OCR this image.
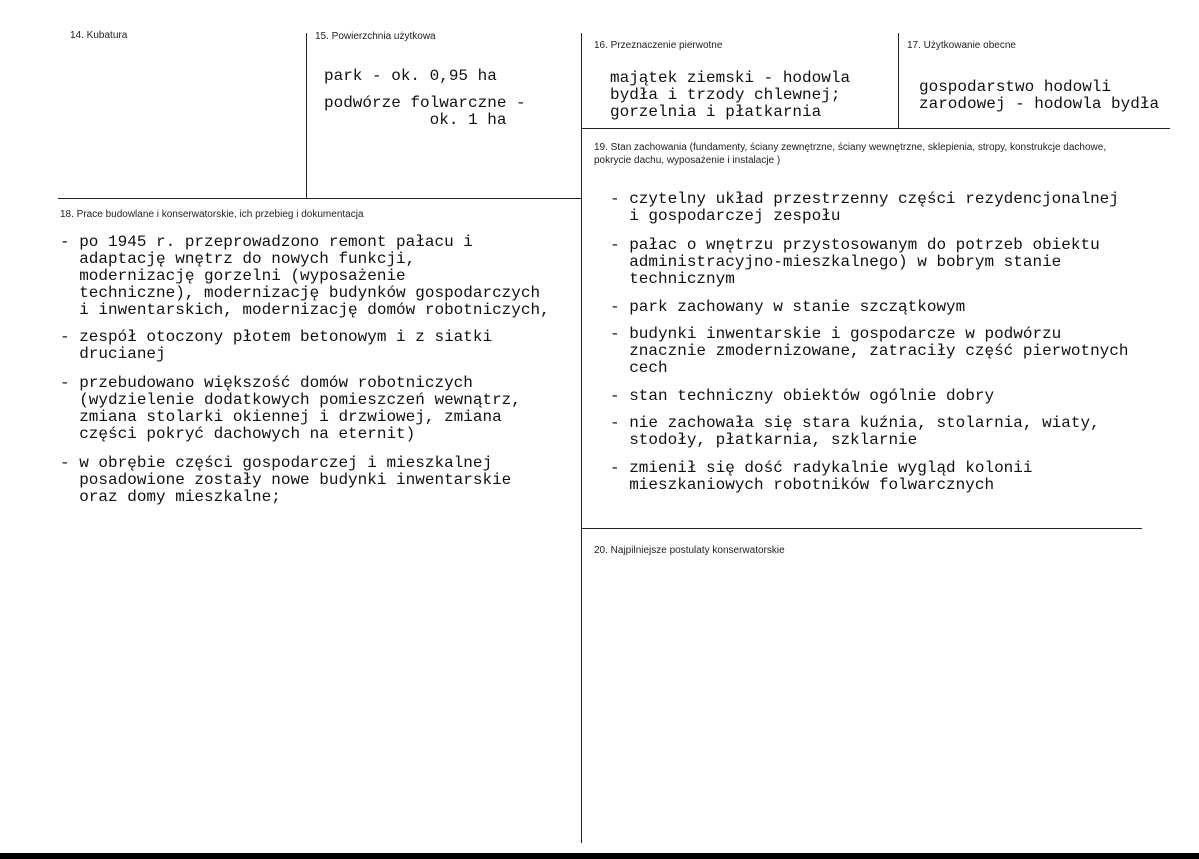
14. Kubatura	15. Powierzchnia użytkowa
park - ok. 0,95 ha
podwórze folwarczne -
ok. 1 ha
16. Przeznaczenie pierwotne
majątek ziemski - hodowla
bydła i trzody chlewnej;
gorzelnia i płatkarnia
17. Użytkowanie obecne
gospodarstwo hodowli
zarodowej - hodowla bydła
18. Prace budowlane i konserwatorskie, ich przebieg i dokumentacja
- po 1945 r. przeprowadzono remont pałacu i
adaptację wnętrz do nowych funkcji,
modernizację gorzelni (wyposażenie
techniczne), modernizację budynków gospodarczych
i inwentarskich, modernizację domów robotniczych,
- zespół otoczony płotem betonowym i z siatki
drucianej
- przebudowano większość domów robotniczych
(wydzielenie dodatkowych pomieszczeń wewnątrz,
zmiana stolarki okiennej i drzwiowej, zmiana
części pokryć dachowych na eternit)
- w obrębie części gospodarczej i mieszkalnej
posadowione zostały nowe budynki inwentarskie
oraz domy mieszkalne;
19. Stan zachowania (fundamenty, ściany zewnętrzne, ściany wewnętrzne, sklepienia, stropy, konstrukcje dachowe, pokrycie dachu, wyposażenie i instalacje )
- czytelny układ przestrzenny części rezydencjonalnej
i gospodarczej zespołu
- pałac o wnętrzu przystosowanym do potrzeb obiektu
administracyjno-mieszkalnego) w bobrym stanie
technicznym
- park zachowany w stanie szczątkowym
- budynki inwentarskie i gospodarcze w podwórzu
znacznie zmodernizowane, zatraciły część pierwotnych
cech
- stan techniczny obiektów ogólnie dobry
- nie zachowała się stara kuźnia, stolarnia, wiaty,
stodoły, płatkarnia, szklarnie
- zmienił się dość radykalnie wygląd kolonii
mieszkaniowych robotników folwarcznych
20. Najpilniejsze postulaty konserwatorskie
